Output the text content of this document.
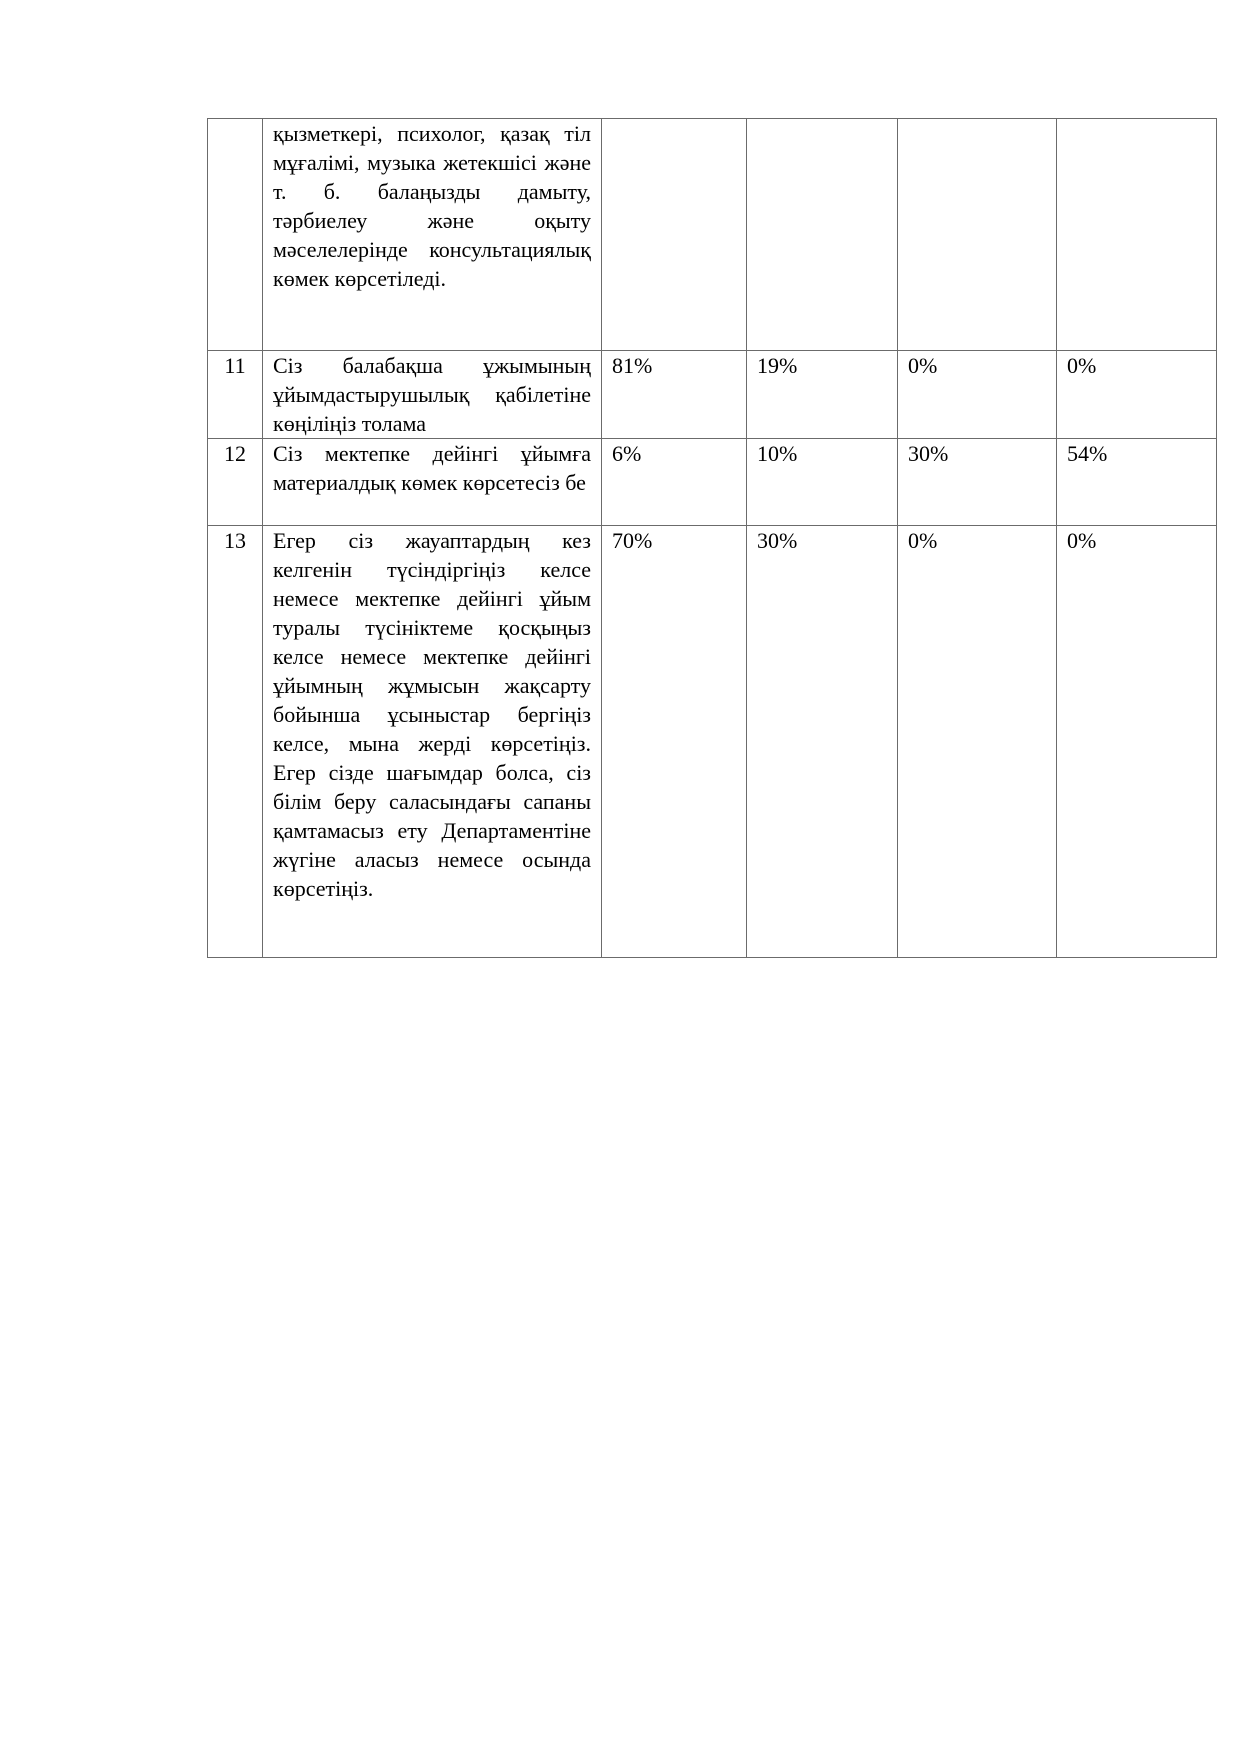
	қызметкері, психолог, қазақ тіл мұғалімі, музыка жетекшісі және т. б. балаңызды дамыту, тәрбиелеу және оқыту мәселелерінде консультациялық көмек көрсетіледі.				
11	Сіз балабақша ұжымының ұйымдастырушылық қабілетіне көңіліңіз толама	81%	19%	0%	0%
12	Сіз мектепке дейінгі ұйымға материалдық көмек көрсетесіз бе	6%	10%	30%	54%
13	Егер сіз жауаптардың кез келгенін түсіндіргіңіз келсе немесе мектепке дейінгі ұйым туралы түсініктеме қосқыңыз келсе немесе мектепке дейінгі ұйымның жұмысын жақсарту бойынша ұсыныстар бергіңіз келсе, мына жерді көрсетіңіз. Егер сізде шағымдар болса, сіз білім беру саласындағы сапаны қамтамасыз ету Департаментіне жүгіне аласыз немесе осында көрсетіңіз.	70%	30%	0%	0%
